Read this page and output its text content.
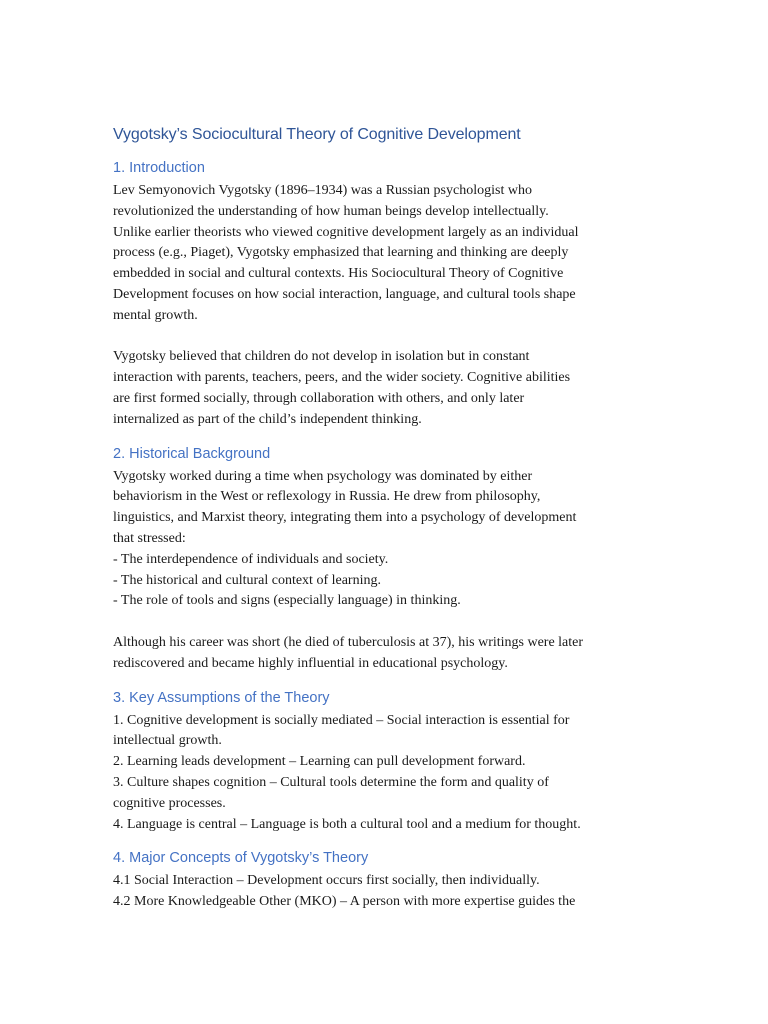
Vygotsky’s Sociocultural Theory of Cognitive Development
1. Introduction

Lev Semyonovich Vygotsky (1896–1934) was a Russian psychologist who
revolutionized the understanding of how human beings develop intellectually.
Unlike earlier theorists who viewed cognitive development largely as an individual
process (e.g., Piaget), Vygotsky emphasized that learning and thinking are deeply
embedded in social and cultural contexts. His Sociocultural Theory of Cognitive
Development focuses on how social interaction, language, and cultural tools shape
mental growth.

Vygotsky believed that children do not develop in isolation but in constant
interaction with parents, teachers, peers, and the wider society. Cognitive abilities
are first formed socially, through collaboration with others, and only later
internalized as part of the child’s independent thinking.

2. Historical Background

Vygotsky worked during a time when psychology was dominated by either
behaviorism in the West or reflexology in Russia. He drew from philosophy,
linguistics, and Marxist theory, integrating them into a psychology of development
that stressed:
- The interdependence of individuals and society.
- The historical and cultural context of learning.
- The role of tools and signs (especially language) in thinking.

Although his career was short (he died of tuberculosis at 37), his writings were later
rediscovered and became highly influential in educational psychology.

3. Key Assumptions of the Theory

1. Cognitive development is socially mediated – Social interaction is essential for
intellectual growth.
2. Learning leads development – Learning can pull development forward.
3. Culture shapes cognition – Cultural tools determine the form and quality of
cognitive processes.
4. Language is central – Language is both a cultural tool and a medium for thought.

4. Major Concepts of Vygotsky’s Theory

4.1 Social Interaction – Development occurs first socially, then individually.
4.2 More Knowledgeable Other (MKO) – A person with more expertise guides the
